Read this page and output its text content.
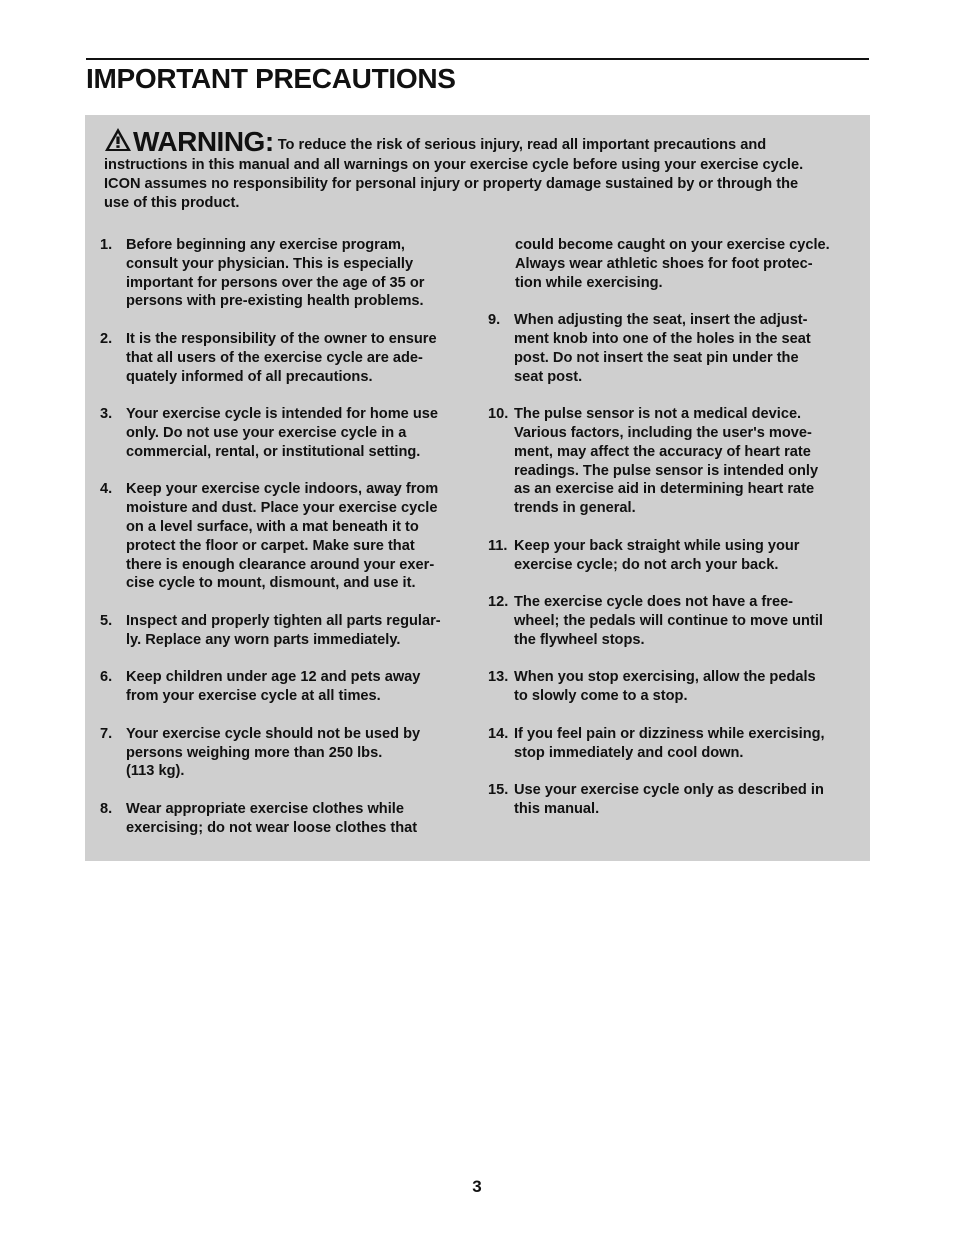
IMPORTANT PRECAUTIONS
WARNING: To reduce the risk of serious injury, read all important precautions and instructions in this manual and all warnings on your exercise cycle before using your exercise cycle. ICON assumes no responsibility for personal injury or property damage sustained by or through the use of this product.
1. Before beginning any exercise program,
consult your physician. This is especially
important for persons over the age of 35 or
persons with pre-existing health problems.
2. It is the responsibility of the owner to ensure
that all users of the exercise cycle are ade-
quately informed of all precautions.
3. Your exercise cycle is intended for home use
only. Do not use your exercise cycle in a
commercial, rental, or institutional setting.
4. Keep your exercise cycle indoors, away from
moisture and dust. Place your exercise cycle
on a level surface, with a mat beneath it to
protect the floor or carpet. Make sure that
there is enough clearance around your exer-
cise cycle to mount, dismount, and use it.
5. Inspect and properly tighten all parts regular-
ly. Replace any worn parts immediately.
6. Keep children under age 12 and pets away
from your exercise cycle at all times.
7. Your exercise cycle should not be used by
persons weighing more than 250 lbs.
(113 kg).
8. Wear appropriate exercise clothes while
exercising; do not wear loose clothes that
could become caught on your exercise cycle.
Always wear athletic shoes for foot protec-
tion while exercising.
9. When adjusting the seat, insert the adjust-
ment knob into one of the holes in the seat
post. Do not insert the seat pin under the
seat post.
10. The pulse sensor is not a medical device.
Various factors, including the user's move-
ment, may affect the accuracy of heart rate
readings. The pulse sensor is intended only
as an exercise aid in determining heart rate
trends in general.
11. Keep your back straight while using your
exercise cycle; do not arch your back.
12. The exercise cycle does not have a free-
wheel; the pedals will continue to move until
the flywheel stops.
13. When you stop exercising, allow the pedals
to slowly come to a stop.
14. If you feel pain or dizziness while exercising,
stop immediately and cool down.
15. Use your exercise cycle only as described in
this manual.
3
